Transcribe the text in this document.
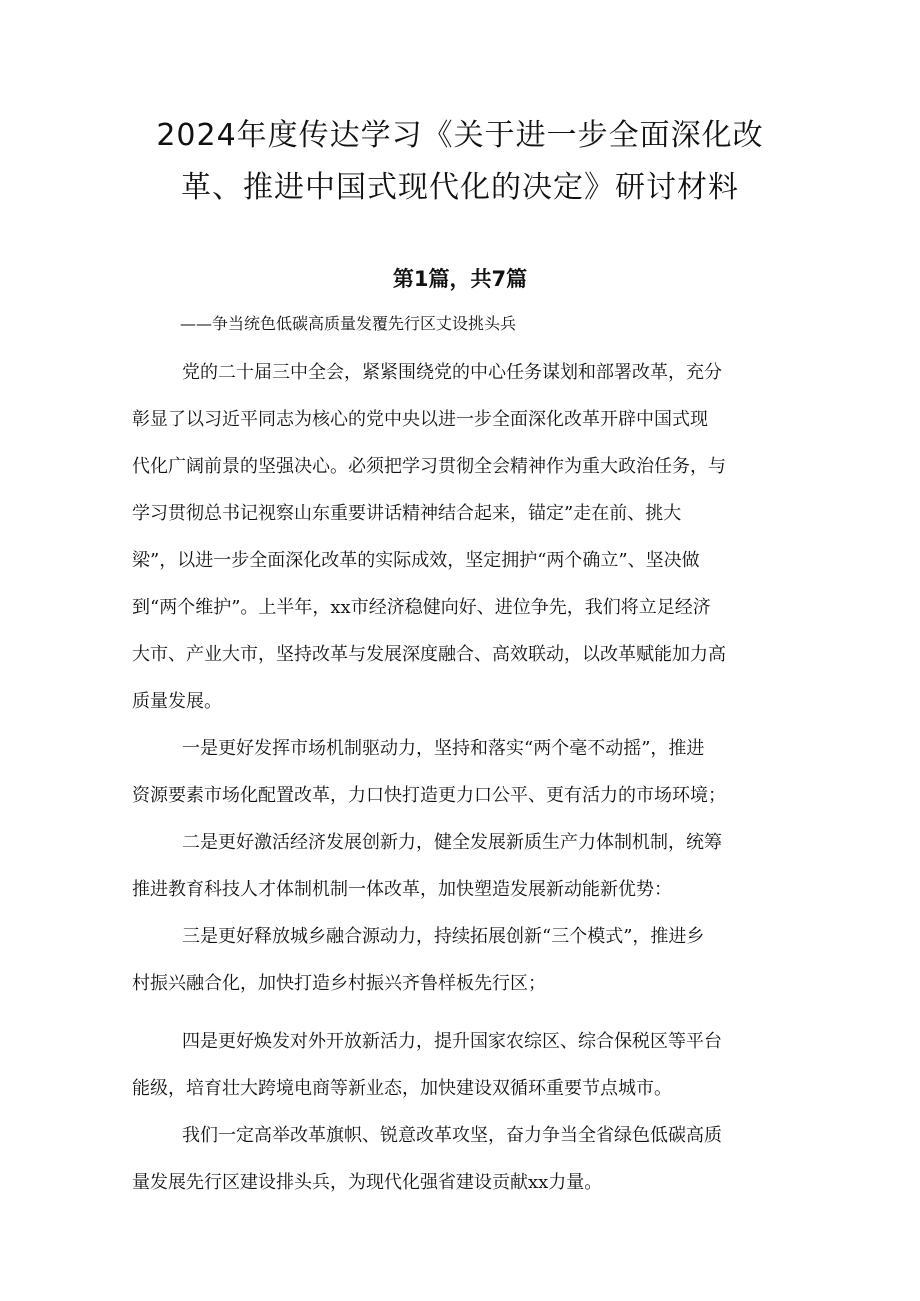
2024年度传达学习《关于进一步全面深化改
革、推进中国式现代化的决定》研讨材料

第1篇，共7篇

——争当统色低碳高质量发覆先行区丈设挑头兵

党的二十届三中全会，紧紧围绕党的中心任务谋划和部署改革，充分

彰显了以习近平同志为核心的党中央以进一步全面深化改革开辟中国式现

代化广阔前景的坚强决心。必须把学习贯彻全会精神作为重大政治任务，与

学习贯彻总书记视察山东重要讲话精神结合起来，锚定”走在前、挑大

梁”，以进一步全面深化改革的实际成效，坚定拥护“两个确立”、坚决做

到“两个维护”。上半年，xx市经济稳健向好、进位争先，我们将立足经济

大市、产业大市，坚持改革与发展深度融合、高效联动，以改革赋能加力高

质量发展。

一是更好发挥市场机制驱动力，坚持和落实“两个毫不动摇”，推进

资源要素市场化配置改革，力口快打造更力口公平、更有活力的市场环境；

二是更好激活经济发展创新力，健全发展新质生产力体制机制，统筹

推进教育科技人才体制机制一体改革，加快塑造发展新动能新优势：

三是更好释放城乡融合源动力，持续拓展创新“三个模式”，推进乡

村振兴融合化，加快打造乡村振兴齐鲁样板先行区；

四是更好焕发对外开放新活力，提升国家农综区、综合保税区等平台

能级，培育壮大跨境电商等新业态，加快建设双循环重要节点城市。

我们一定高举改革旗帜、锐意改革攻坚，奋力争当全省绿色低碳高质

量发展先行区建设排头兵，为现代化强省建设贡献xx力量。
